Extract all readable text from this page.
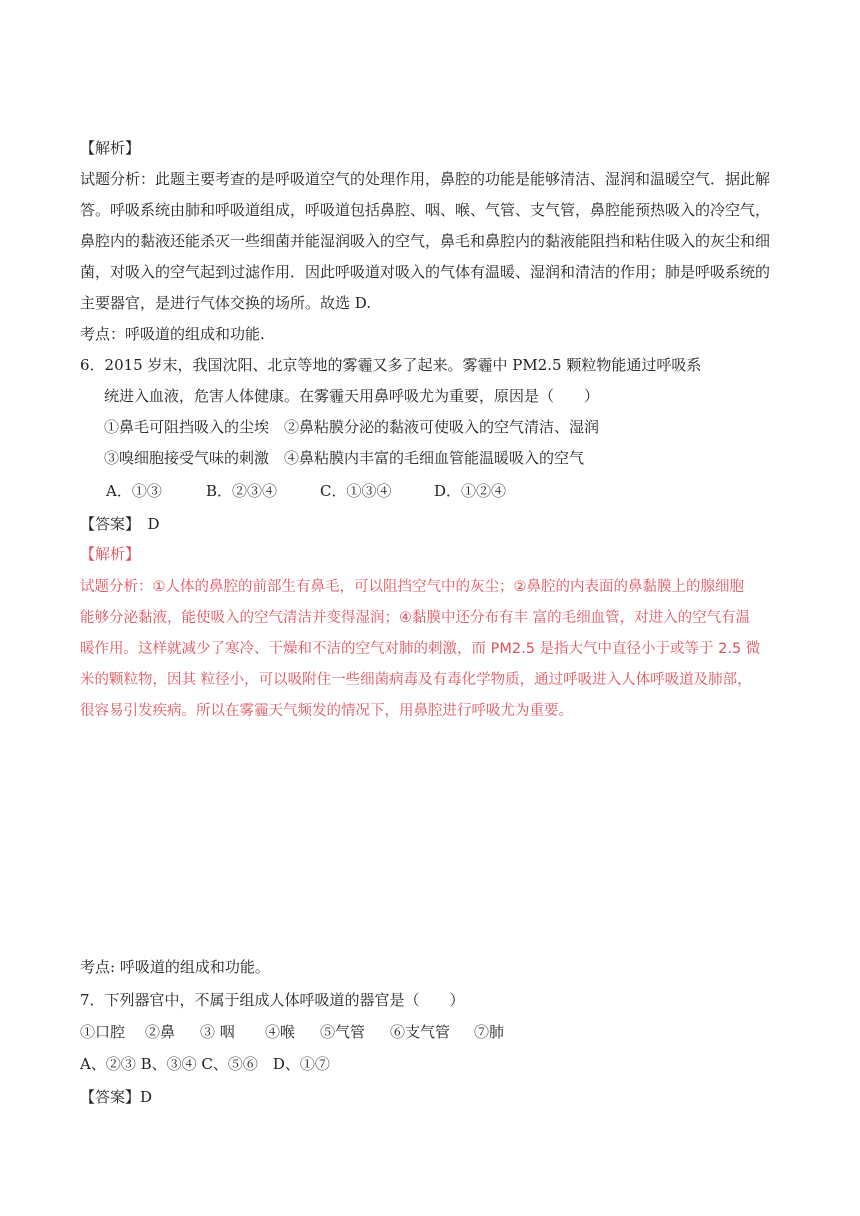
【解析】
试题分析：此题主要考查的是呼吸道空气的处理作用，鼻腔的功能是能够清洁、湿润和温暖空气．据此解
答。呼吸系统由肺和呼吸道组成，呼吸道包括鼻腔、咽、喉、气管、支气管，鼻腔能预热吸入的冷空气，
鼻腔内的黏液还能杀灭一些细菌并能湿润吸入的空气，鼻毛和鼻腔内的黏液能阻挡和粘住吸入的灰尘和细
菌，对吸入的空气起到过滤作用．因此呼吸道对吸入的气体有温暖、湿润和清洁的作用；肺是呼吸系统的
主要器官，是进行气体交换的场所。故选 D.
考点：呼吸道的组成和功能.
6．2015 岁末，我国沈阳、北京等地的雾霾又多了起来。雾霾中 PM2.5 颗粒物能通过呼吸系
统进入血液，危害人体健康。在雾霾天用鼻呼吸尤为重要，原因是（　　）
①鼻毛可阻挡吸入的尘埃　②鼻粘膜分泌的黏液可使吸入的空气清洁、湿润
③嗅细胞接受气味的刺激　④鼻粘膜内丰富的毛细血管能温暖吸入的空气
A．①③	B．②③④	C．①③④	D．①②④
【答案】　D
【解析】
试题分析：①人体的鼻腔的前部生有鼻毛，可以阻挡空气中的灰尘；②鼻腔的内表面的鼻黏膜上的腺细胞
能够分泌黏液，能使吸入的空气清洁并变得湿润；④黏膜中还分布有丰 富的毛细血管，对进入的空气有温
暖作用。这样就减少了寒冷、干燥和不洁的空气对肺的刺激，而 PM2.5 是指大气中直径小于或等于 2.5 微
米的颗粒物，因其 粒径小，可以吸附住一些细菌病毒及有毒化学物质，通过呼吸进入人体呼吸道及肺部，
很容易引发疾病。所以在雾霾天气频发的情况下，用鼻腔进行呼吸尤为重要。
考点: 呼吸道的组成和功能。
7．下列器官中，不属于组成人体呼吸道的器官是（　　）
①口腔 ②鼻 ③ 咽 ④喉 ⑤气管 ⑥支气管 ⑦肺
A、②③ B、③④ C、⑤⑥　D、①⑦
【答案】D
